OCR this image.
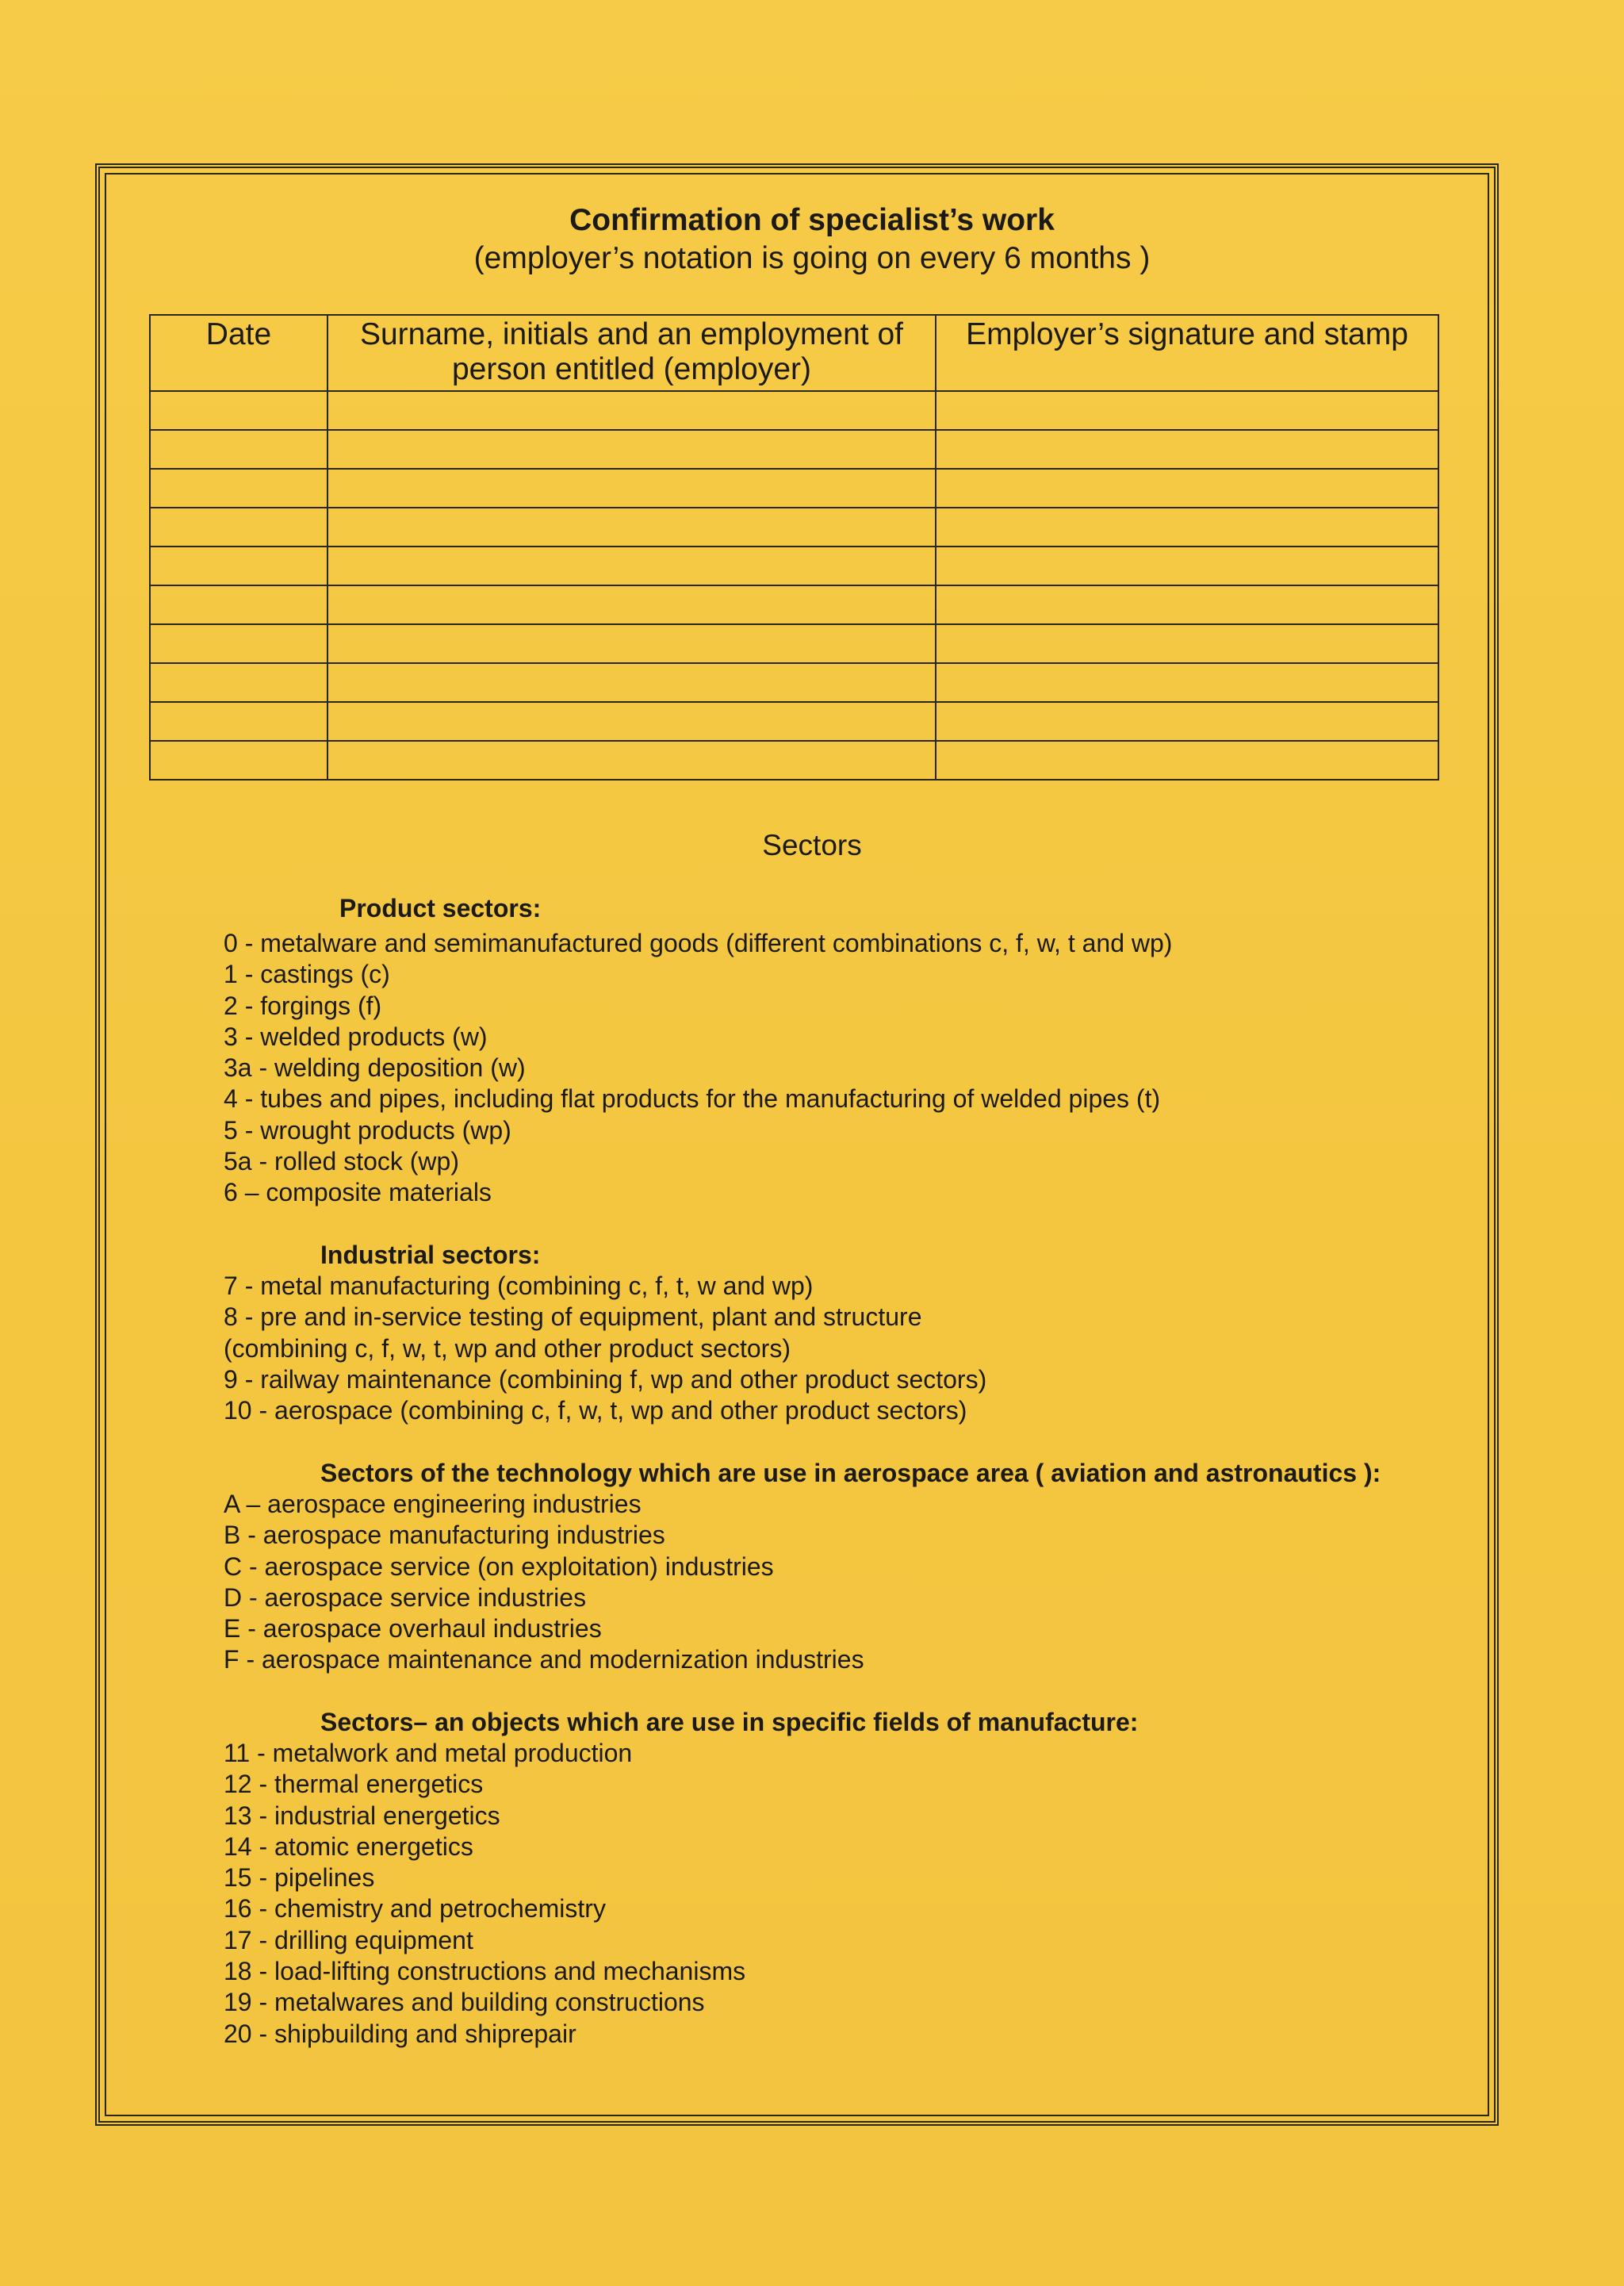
Confirmation of specialist’s work
(employer’s notation is going on every 6 months )
Date	Surname, initials and an employment of person entitled (employer)	Employer’s signature and stamp

Sectors
Product sectors:
0 - metalware and semimanufactured goods (different combinations c, f, w, t and wp)
1 - castings (c)
2 - forgings (f)
3 - welded products (w)
3a - welding deposition (w)
4 - tubes and pipes, including flat products for the manufacturing of welded pipes (t)
5 - wrought products (wp)
5a - rolled stock (wp)
6 – composite materials
Industrial sectors:
7 - metal manufacturing (combining c, f, t, w and wp)
8 - pre and in-service testing of equipment, plant and structure
(combining c, f, w, t, wp and other product sectors)
9 - railway maintenance (combining f, wp and other product sectors)
10 - aerospace (combining c, f, w, t, wp and other product sectors)
Sectors of the technology which are use in aerospace area ( aviation and astronautics ):
A – aerospace engineering industries
B - aerospace manufacturing industries
C - aerospace service (on exploitation) industries
D - aerospace service industries
E - aerospace overhaul industries
F - aerospace maintenance and modernization industries
Sectors– an objects which are use in specific fields of manufacture:
11 - metalwork and metal production
12 - thermal energetics
13 - industrial energetics
14 - atomic energetics
15 - pipelines
16 - chemistry and petrochemistry
17 - drilling equipment
18 - load-lifting constructions and mechanisms
19 - metalwares and building constructions
20 - shipbuilding and shiprepair
